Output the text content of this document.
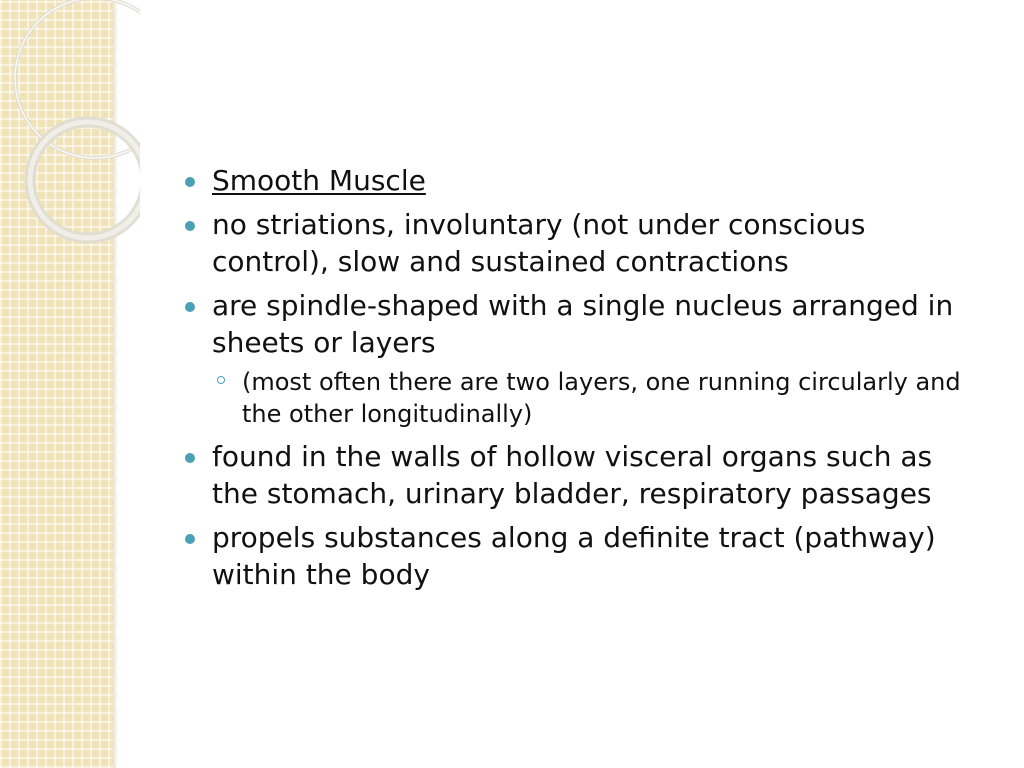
Smooth Muscle
no striations, involuntary (not under conscious control), slow and sustained contractions
are spindle-shaped with a single nucleus arranged in sheets or layers
(most often there are two layers, one running circularly and the other longitudinally)
found in the walls of hollow visceral organs such as the stomach, urinary bladder, respiratory passages
propels substances along a definite tract (pathway) within the body
